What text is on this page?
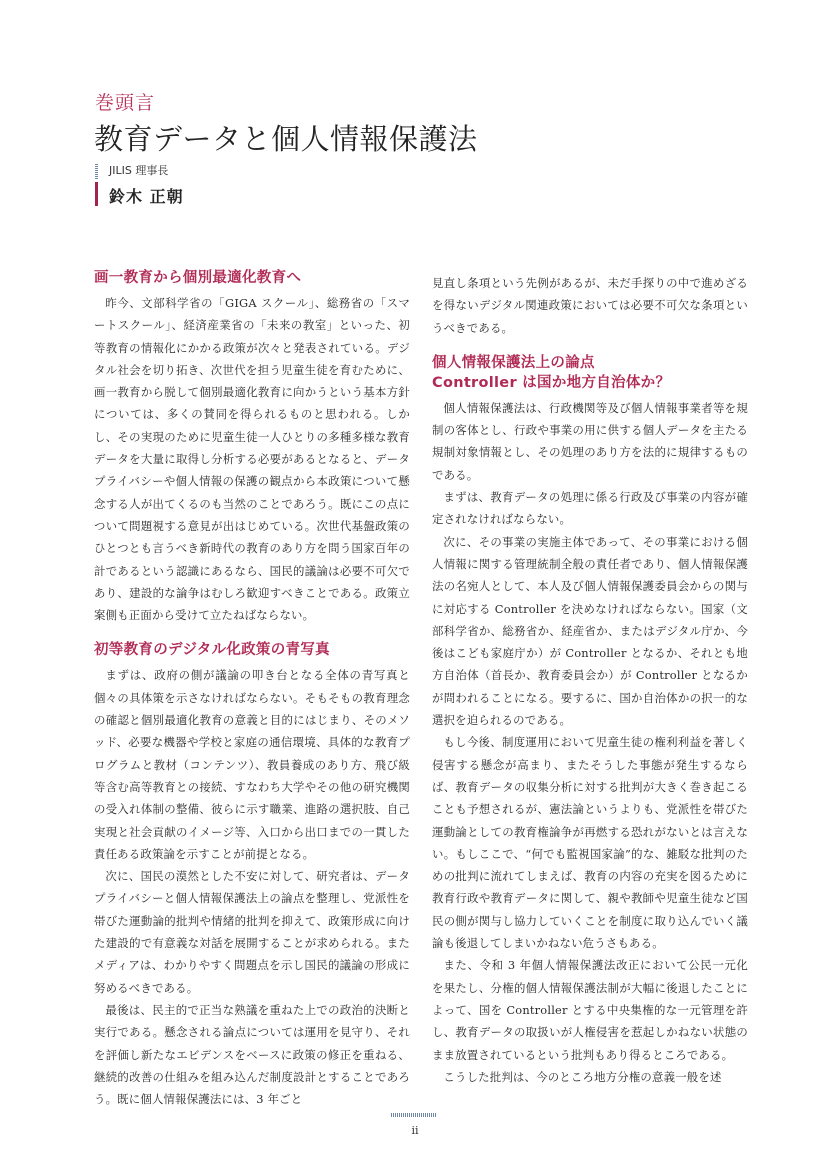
巻頭言
教育データと個人情報保護法
JILIS 理事長
鈴木 正朝
画一教育から個別最適化教育へ

昨今、文部科学省の「GIGA スクール」、総務省の「スマートスクール」、経済産業省の「未来の教室」といった、初等教育の情報化にかかる政策が次々と発表されている。デジタル社会を切り拓き、次世代を担う児童生徒を育むために、画一教育から脱して個別最適化教育に向かうという基本方針については、多くの賛同を得られるものと思われる。しかし、その実現のために児童生徒一人ひとりの多種多様な教育データを大量に取得し分析する必要があるとなると、データプライバシーや個人情報の保護の観点から本政策について懸念する人が出てくるのも当然のことであろう。既にこの点について問題視する意見が出はじめている。次世代基盤政策のひとつとも言うべき新時代の教育のあり方を問う国家百年の計であるという認識にあるなら、国民的議論は必要不可欠であり、建設的な論争はむしろ歓迎すべきことである。政策立案側も正面から受けて立たねばならない。

初等教育のデジタル化政策の青写真

まずは、政府の側が議論の叩き台となる全体の青写真と個々の具体策を示さなければならない。そもそもの教育理念の確認と個別最適化教育の意義と目的にはじまり、そのメソッド、必要な機器や学校と家庭の通信環境、具体的な教育プログラムと教材（コンテンツ）、教員養成のあり方、飛び級等含む高等教育との接続、すなわち大学やその他の研究機関の受入れ体制の整備、彼らに示す職業、進路の選択肢、自己実現と社会貢献のイメージ等、入口から出口までの一貫した責任ある政策論を示すことが前提となる。

次に、国民の漠然とした不安に対して、研究者は、データプライバシーと個人情報保護法上の論点を整理し、党派性を帯びた運動論的批判や情緒的批判を抑えて、政策形成に向けた建設的で有意義な対話を展開することが求められる。またメディアは、わかりやすく問題点を示し国民的議論の形成に努めるべきである。

最後は、民主的で正当な熟議を重ねた上での政治的決断と実行である。懸念される論点については運用を見守り、それを評価し新たなエビデンスをベースに政策の修正を重ねる、継続的改善の仕組みを組み込んだ制度設計とすることであろう。既に個人情報保護法には、3 年ごと

見直し条項という先例があるが、未だ手探りの中で進めざるを得ないデジタル関連政策においては必要不可欠な条項というべきである。

個人情報保護法上の論点
Controller は国か地方自治体か？

個人情報保護法は、行政機関等及び個人情報事業者等を規制の客体とし、行政や事業の用に供する個人データを主たる規制対象情報とし、その処理のあり方を法的に規律するものである。

まずは、教育データの処理に係る行政及び事業の内容が確定されなければならない。

次に、その事業の実施主体であって、その事業における個人情報に関する管理統制全般の責任者であり、個人情報保護法の名宛人として、本人及び個人情報保護委員会からの関与に対応する Controller を決めなければならない。国家（文部科学省か、総務省か、経産省か、またはデジタル庁か、今後はこども家庭庁か）が Controller となるか、それとも地方自治体（首長か、教育委員会か）が Controller となるかが問われることになる。要するに、国か自治体かの択一的な選択を迫られるのである。

もし今後、制度運用において児童生徒の権利利益を著しく侵害する懸念が高まり、またそうした事態が発生するならば、教育データの収集分析に対する批判が大きく巻き起こることも予想されるが、憲法論というよりも、党派性を帯びた運動論としての教育権論争が再燃する恐れがないとは言えない。もしここで、“何でも監視国家論”的な、雑駁な批判のための批判に流れてしまえば、教育の内容の充実を図るために教育行政や教育データに関して、親や教師や児童生徒など国民の側が関与し協力していくことを制度に取り込んでいく議論も後退してしまいかねない危うさもある。

また、令和 3 年個人情報保護法改正において公民一元化を果たし、分権的個人情報保護法制が大幅に後退したことによって、国を Controller とする中央集権的な一元管理を許し、教育データの取扱いが人権侵害を惹起しかねない状態のまま放置されているという批判もあり得るところである。

こうした批判は、今のところ地方分権の意義一般を述

ii
